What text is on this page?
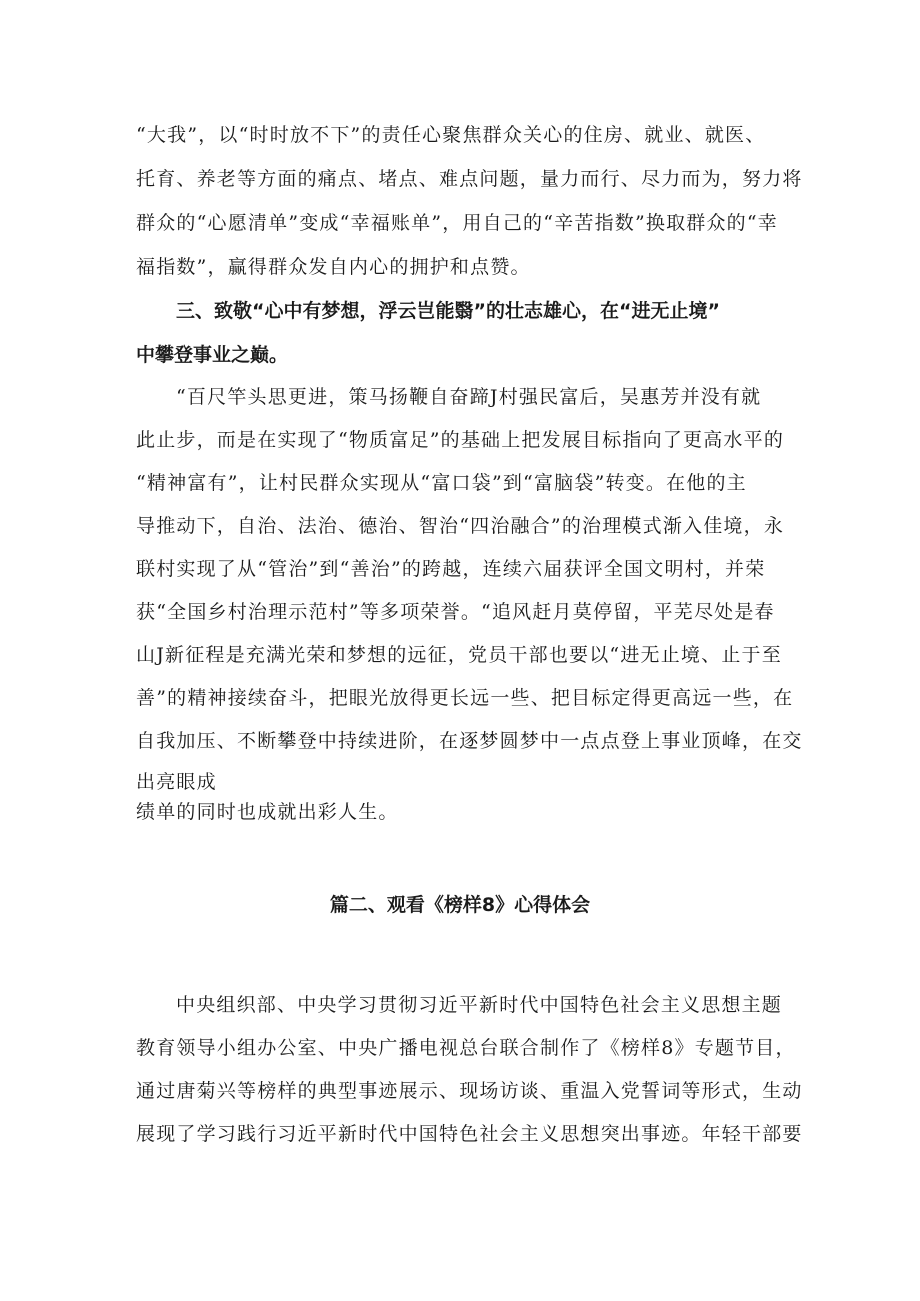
“大我”，以“时时放不下”的责任心聚焦群众关心的住房、就业、就医、
托育、养老等方面的痛点、堵点、难点问题，量力而行、尽力而为，努力将
群众的“心愿清单”变成“幸福账单”，用自己的“辛苦指数”换取群众的“幸
福指数”，赢得群众发自内心的拥护和点赞。
三、致敬“心中有梦想，浮云岂能翳”的壮志雄心，在“进无止境”
中攀登事业之巅。
“百尺竿头思更进，策马扬鞭自奋蹄J村强民富后，吴惠芳并没有就
此止步，而是在实现了“物质富足”的基础上把发展目标指向了更高水平的
“精神富有”，让村民群众实现从“富口袋”到“富脑袋”转变。在他的主
导推动下，自治、法治、德治、智治“四治融合”的治理模式渐入佳境，永
联村实现了从“管治”到“善治”的跨越，连续六届获评全国文明村，并荣
获“全国乡村治理示范村”等多项荣誉。“追风赶月莫停留，平芜尽处是春
山J新征程是充满光荣和梦想的远征，党员干部也要以“进无止境、止于至
善”的精神接续奋斗，把眼光放得更长远一些、把目标定得更高远一些，在
自我加压、不断攀登中持续进阶，在逐梦圆梦中一点点登上事业顶峰，在交
出亮眼成
绩单的同时也成就出彩人生。
篇二、观看《榜样8》心得体会
中央组织部、中央学习贯彻习近平新时代中国特色社会主义思想主题
教育领导小组办公室、中央广播电视总台联合制作了《榜样8》专题节目，
通过唐菊兴等榜样的典型事迹展示、现场访谈、重温入党誓词等形式，生动
展现了学习践行习近平新时代中国特色社会主义思想突出事迹。年轻干部要
